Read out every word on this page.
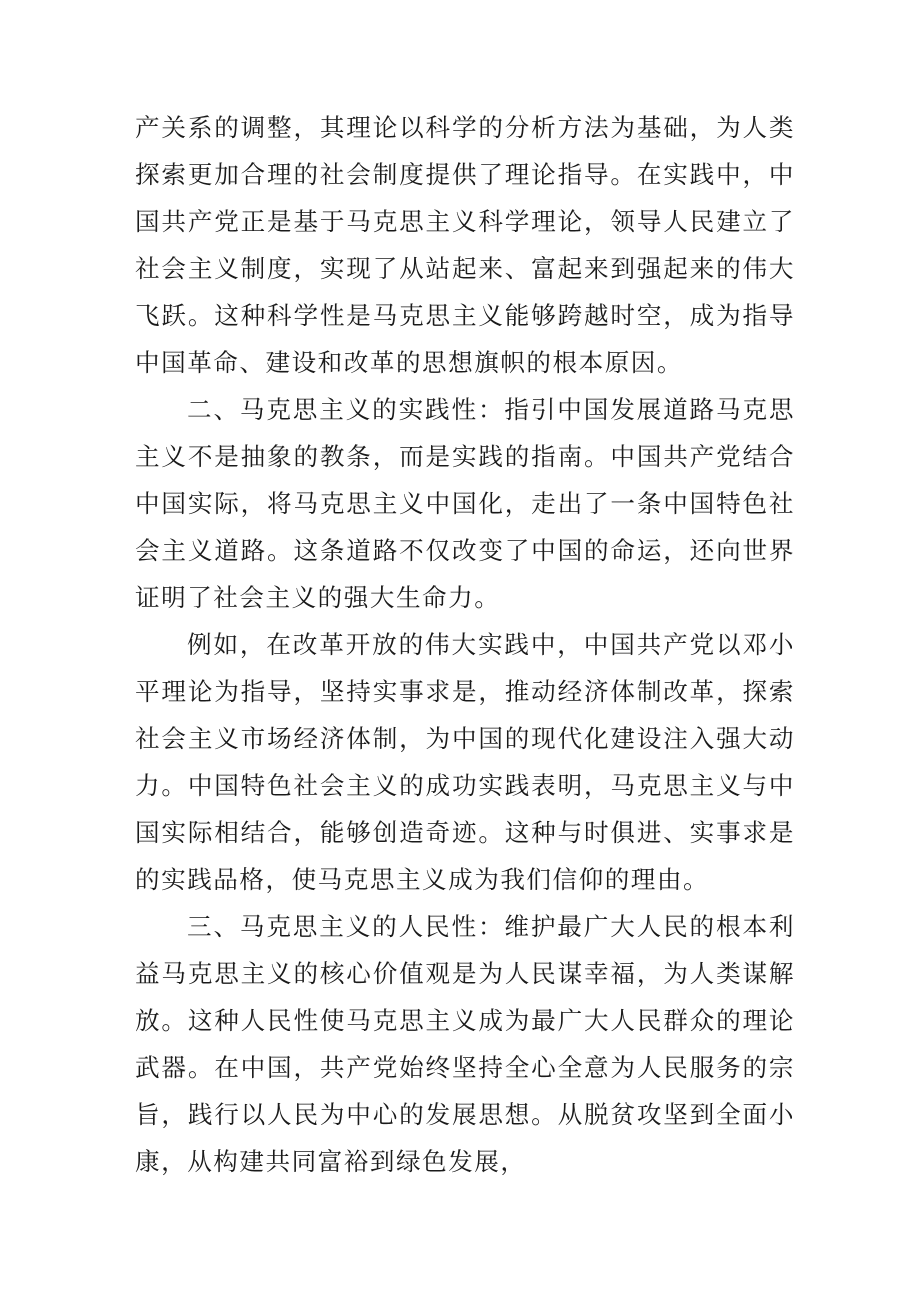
产关系的调整，其理论以科学的分析方法为基础，为人类探索更加合理的社会制度提供了理论指导。在实践中，中国共产党正是基于马克思主义科学理论，领导人民建立了社会主义制度，实现了从站起来、富起来到强起来的伟大飞跃。这种科学性是马克思主义能够跨越时空，成为指导中国革命、建设和改革的思想旗帜的根本原因。

二、马克思主义的实践性：指引中国发展道路马克思主义不是抽象的教条，而是实践的指南。中国共产党结合中国实际，将马克思主义中国化，走出了一条中国特色社会主义道路。这条道路不仅改变了中国的命运，还向世界证明了社会主义的强大生命力。

例如，在改革开放的伟大实践中，中国共产党以邓小平理论为指导，坚持实事求是，推动经济体制改革，探索社会主义市场经济体制，为中国的现代化建设注入强大动力。中国特色社会主义的成功实践表明，马克思主义与中国实际相结合，能够创造奇迹。这种与时俱进、实事求是的实践品格，使马克思主义成为我们信仰的理由。

三、马克思主义的人民性：维护最广大人民的根本利益马克思主义的核心价值观是为人民谋幸福，为人类谋解放。这种人民性使马克思主义成为最广大人民群众的理论武器。在中国，共产党始终坚持全心全意为人民服务的宗旨，践行以人民为中心的发展思想。从脱贫攻坚到全面小康，从构建共同富裕到绿色发展，
